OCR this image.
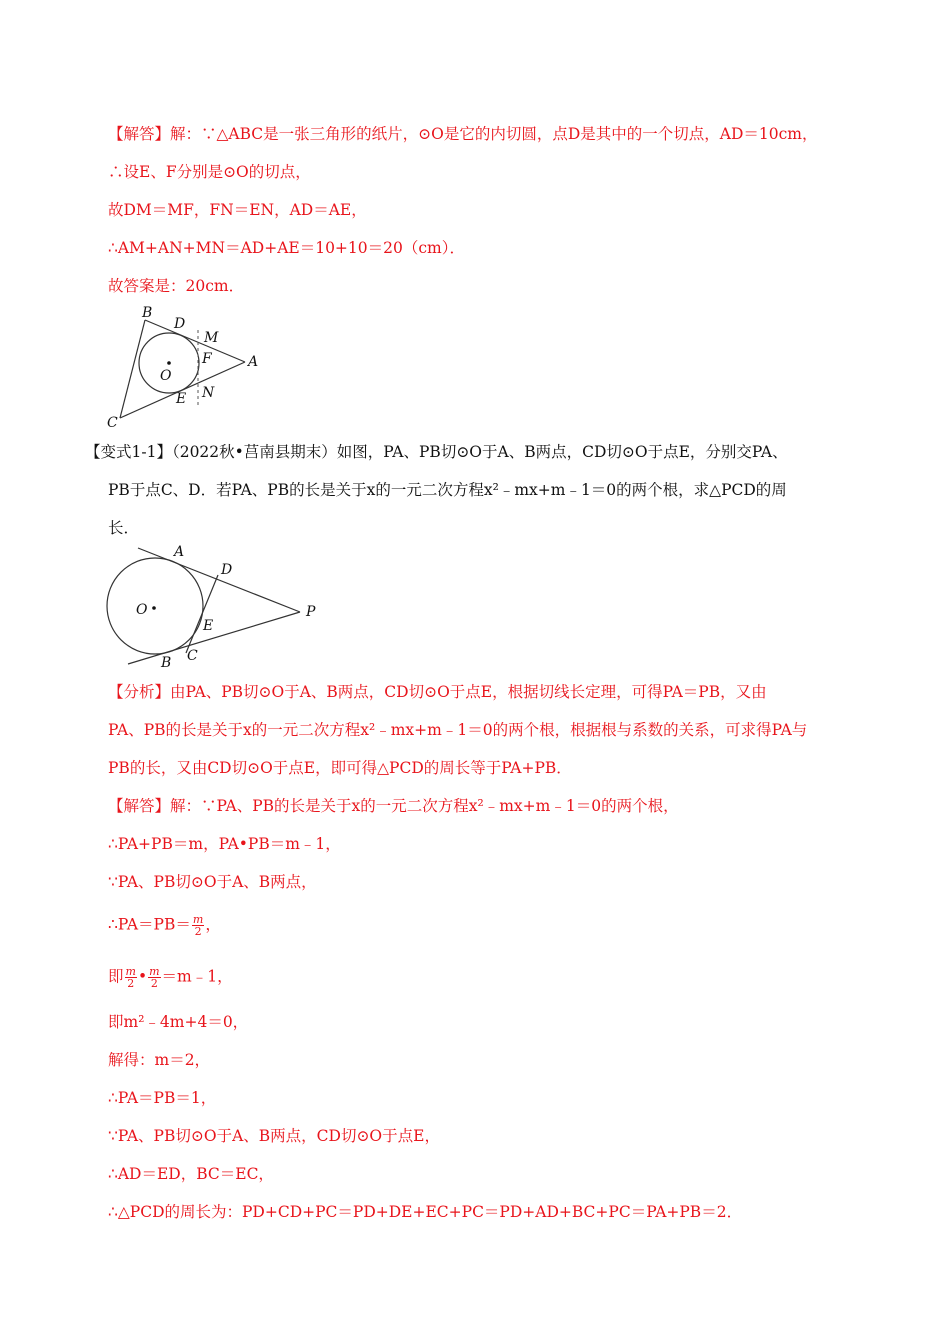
【解答】解：∵△ABC是一张三角形的纸片，⊙O是它的内切圆，点D是其中的一个切点，AD＝10cm，
∴设E、F分别是⊙O的切点，
故DM＝MF，FN＝EN，AD＝AE，
∴AM+AN+MN＝AD+AE＝10+10＝20（cm）．
故答案是：20cm．
B
D
M
F	A
O
E N
C
【变式1-1】（2022秋•莒南县期末）如图，PA、PB切⊙O于A、B两点，CD切⊙O于点E，分别交PA、
PB于点C、D．若PA、PB的长是关于x的一元二次方程x²﹣mx+m﹣1＝0的两个根，求△PCD的周
长．
A
D
O	P
E
B C
【分析】由PA、PB切⊙O于A、B两点，CD切⊙O于点E，根据切线长定理，可得PA＝PB，又由
PA、PB的长是关于x的一元二次方程x²﹣mx+m﹣1＝0的两个根，根据根与系数的关系，可求得PA与
PB的长，又由CD切⊙O于点E，即可得△PCD的周长等于PA+PB．
【解答】解：∵PA、PB的长是关于x的一元二次方程x²﹣mx+m﹣1＝0的两个根，
∴PA+PB＝m，PA•PB＝m﹣1，
∵PA、PB切⊙O于A、B两点，
∴PA＝PB＝ $\frac{m}{2}$ ，
即 $\frac{m}{2}$ • $\frac{m}{2}$ ＝m﹣1，
即m²﹣4m+4＝0，
解得：m＝2，
∴PA＝PB＝1，
∵PA、PB切⊙O于A、B两点，CD切⊙O于点E，
∴AD＝ED，BC＝EC，
∴△PCD的周长为：PD+CD+PC＝PD+DE+EC+PC＝PD+AD+BC+PC＝PA+PB＝2．
